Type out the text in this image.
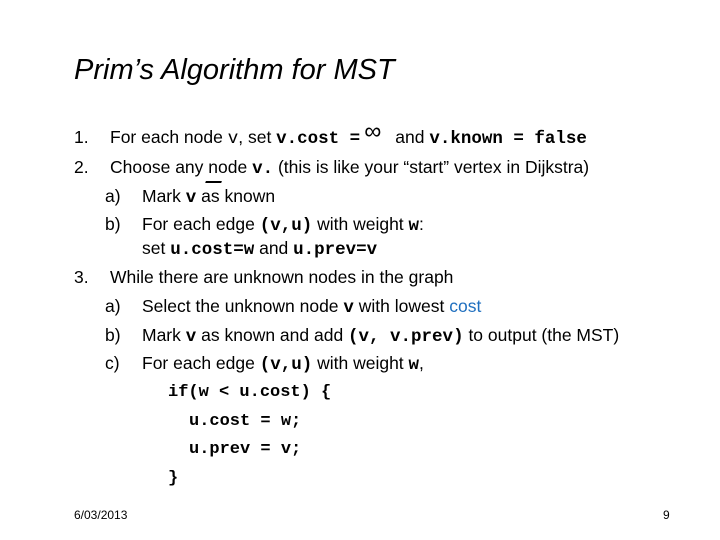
Prim’s Algorithm for MST
1. For each node v, set v.cost = ∞ and v.known = false
2. Choose any node v. (this is like your “start” vertex in Dijkstra)
a) Mark v as known
b) For each edge (v,u) with weight w:
set u.cost=w and u.prev=v
3. While there are unknown nodes in the graph
a) Select the unknown node v with lowest cost
b) Mark v as known and add (v, v.prev) to output (the MST)
c) For each edge (v,u) with weight w,
if(w < u.cost) {
u.cost = w;
u.prev = v;
}
6/03/2013	9
